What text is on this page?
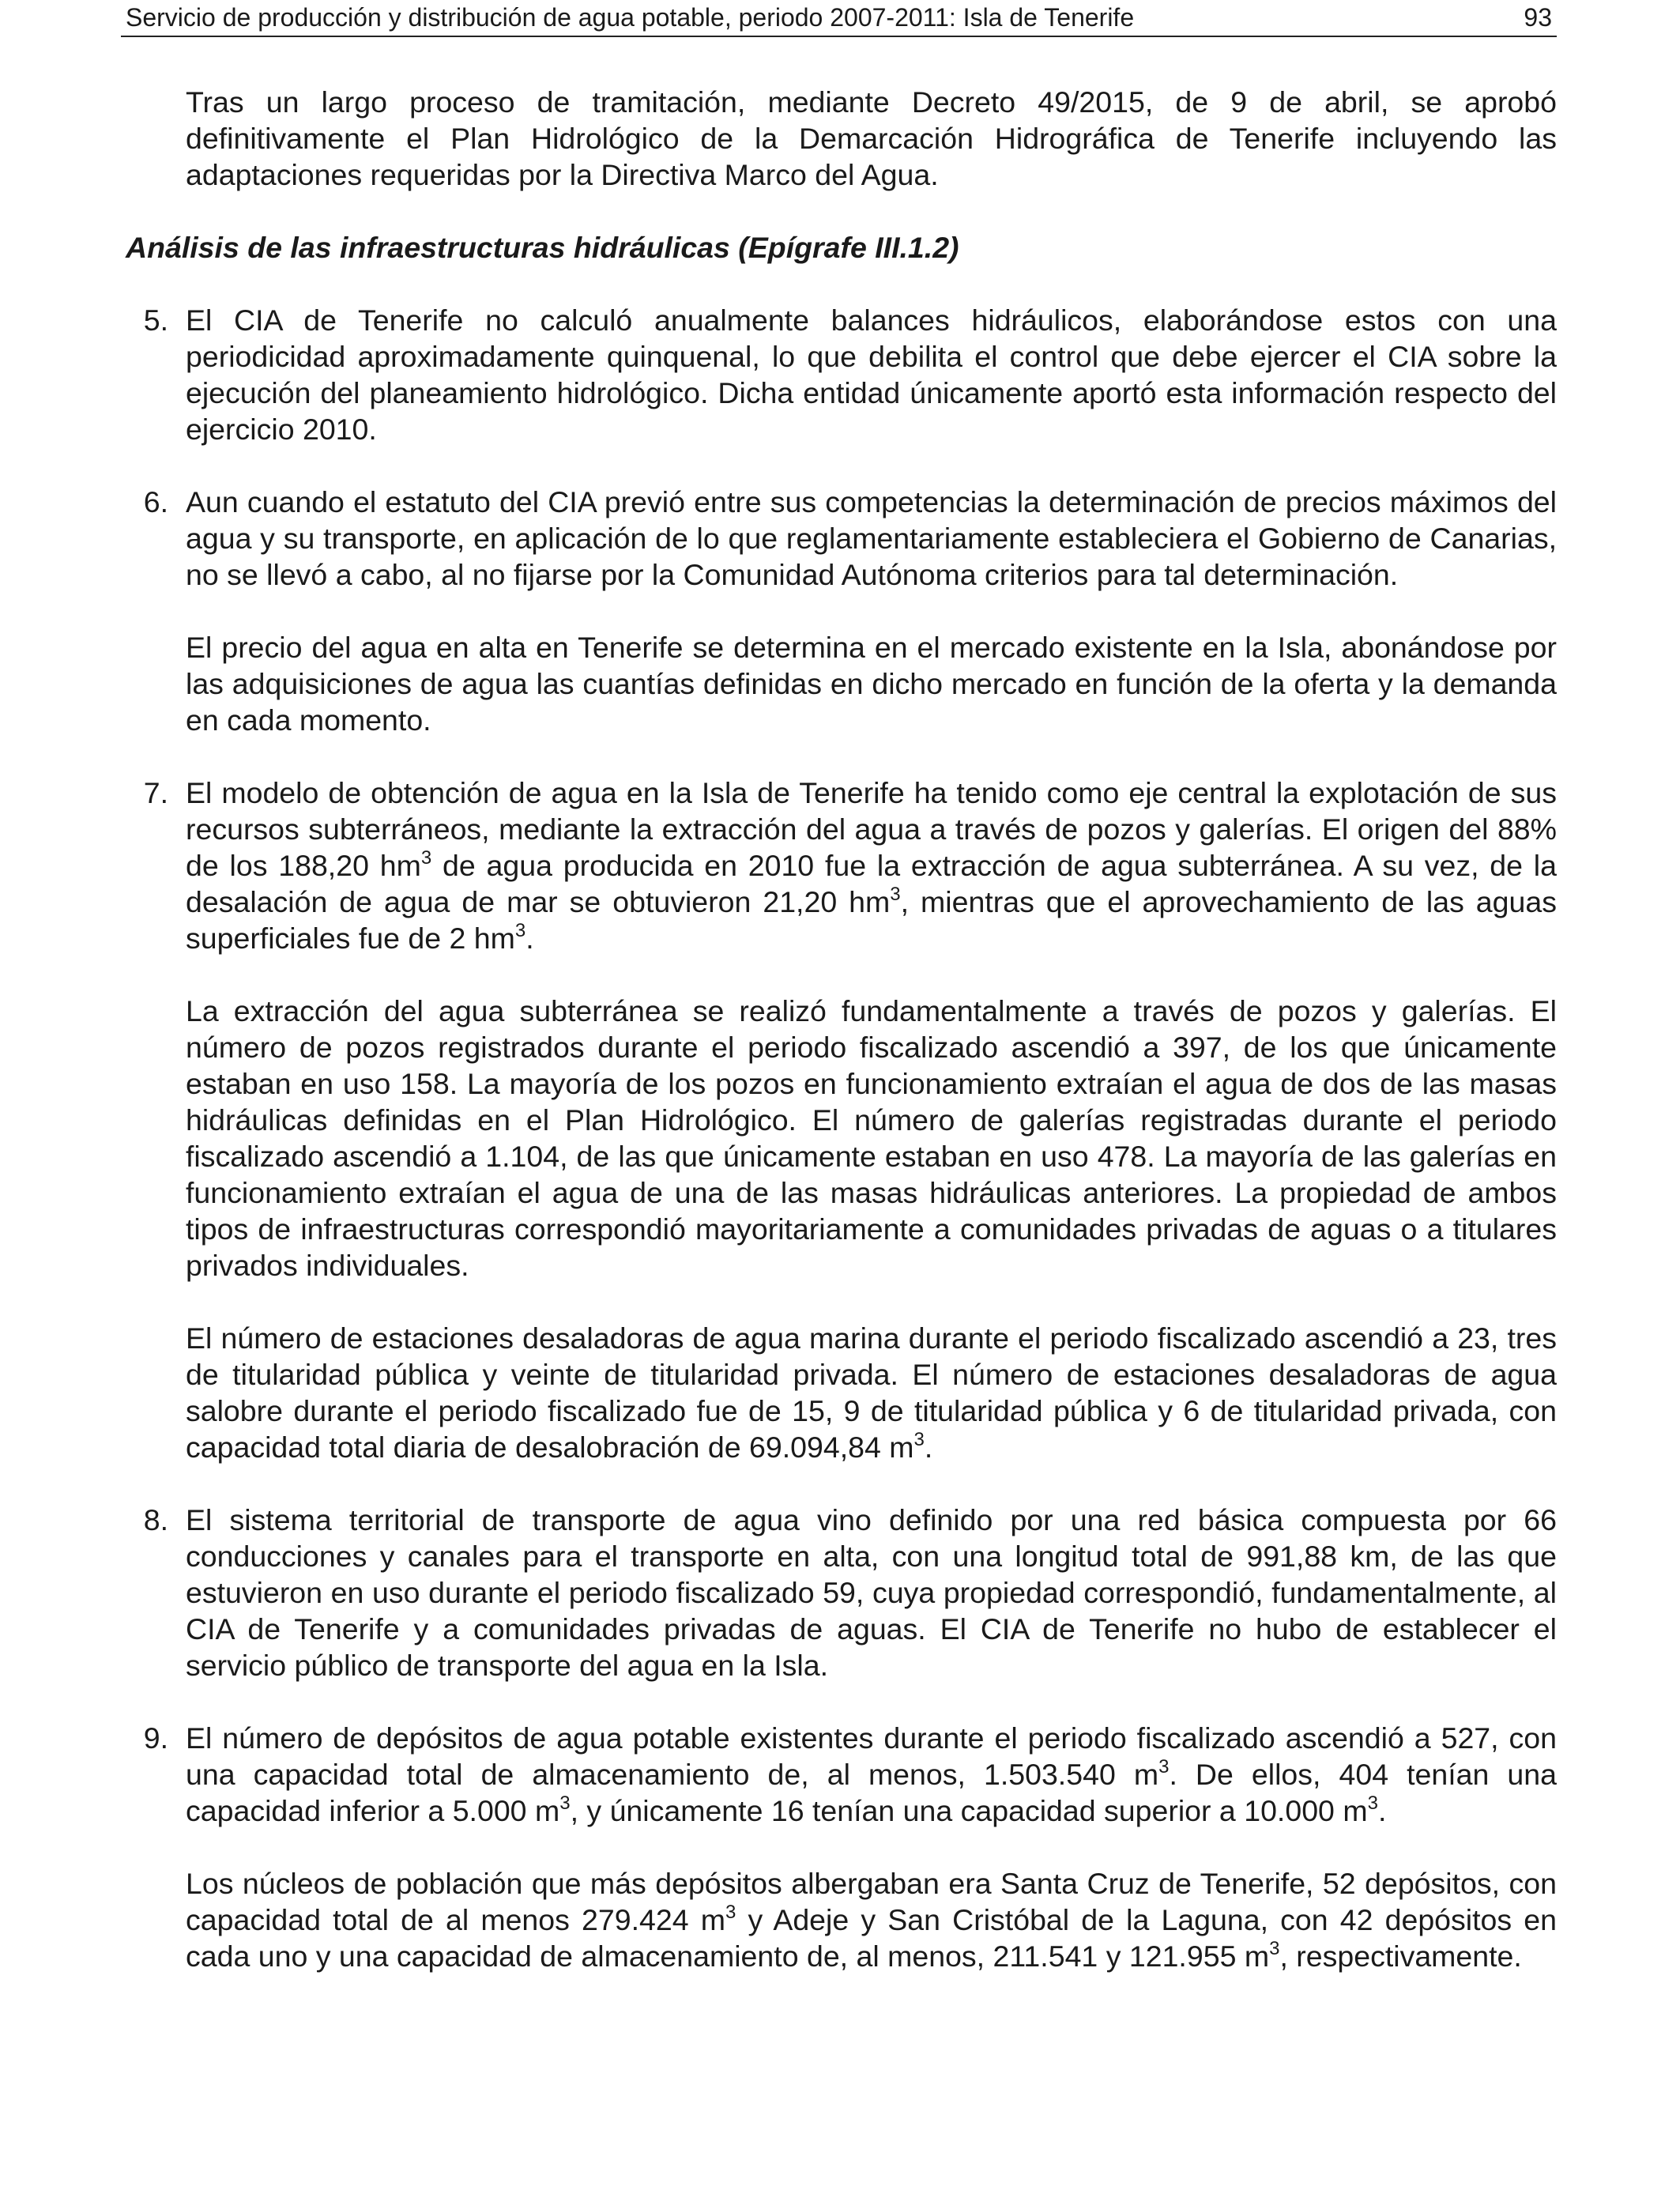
Servicio de producción y distribución de agua potable, periodo 2007-2011: Isla de Tenerife	93

Tras un largo proceso de tramitación, mediante Decreto 49/2015, de 9 de abril, se aprobó definitivamente el Plan Hidrológico de la Demarcación Hidrográfica de Tenerife incluyendo las adaptaciones requeridas por la Directiva Marco del Agua.

Análisis de las infraestructuras hidráulicas (Epígrafe III.1.2)

5. El CIA de Tenerife no calculó anualmente balances hidráulicos, elaborándose estos con una periodicidad aproximadamente quinquenal, lo que debilita el control que debe ejercer el CIA sobre la ejecución del planeamiento hidrológico. Dicha entidad únicamente aportó esta información respecto del ejercicio 2010.
6. Aun cuando el estatuto del CIA previó entre sus competencias la determinación de precios máximos del agua y su transporte, en aplicación de lo que reglamentariamente estableciera el Gobierno de Canarias, no se llevó a cabo, al no fijarse por la Comunidad Autónoma criterios para tal determinación.

El precio del agua en alta en Tenerife se determina en el mercado existente en la Isla, abonándose por las adquisiciones de agua las cuantías definidas en dicho mercado en función de la oferta y la demanda en cada momento.

7. El modelo de obtención de agua en la Isla de Tenerife ha tenido como eje central la explotación de sus recursos subterráneos, mediante la extracción del agua a través de pozos y galerías. El origen del 88% de los 188,20 $hm^3$ de agua producida en 2010 fue la extracción de agua subterránea. A su vez, de la desalación de agua de mar se obtuvieron 21,20 $hm^3$, mientras que el aprovechamiento de las aguas superficiales fue de 2 $hm^3$.

La extracción del agua subterránea se realizó fundamentalmente a través de pozos y galerías. El número de pozos registrados durante el periodo fiscalizado ascendió a 397, de los que únicamente estaban en uso 158. La mayoría de los pozos en funcionamiento extraían el agua de dos de las masas hidráulicas definidas en el Plan Hidrológico. El número de galerías registradas durante el periodo fiscalizado ascendió a 1.104, de las que únicamente estaban en uso 478. La mayoría de las galerías en funcionamiento extraían el agua de una de las masas hidráulicas anteriores. La propiedad de ambos tipos de infraestructuras correspondió mayoritariamente a comunidades privadas de aguas o a titulares privados individuales.

El número de estaciones desaladoras de agua marina durante el periodo fiscalizado ascendió a 23, tres de titularidad pública y veinte de titularidad privada. El número de estaciones desaladoras de agua salobre durante el periodo fiscalizado fue de 15, 9 de titularidad pública y 6 de titularidad privada, con capacidad total diaria de desalobración de 69.094,84 $m^3$.

8. El sistema territorial de transporte de agua vino definido por una red básica compuesta por 66 conducciones y canales para el transporte en alta, con una longitud total de 991,88 km, de las que estuvieron en uso durante el periodo fiscalizado 59, cuya propiedad correspondió, fundamentalmente, al CIA de Tenerife y a comunidades privadas de aguas. El CIA de Tenerife no hubo de establecer el servicio público de transporte del agua en la Isla.
9. El número de depósitos de agua potable existentes durante el periodo fiscalizado ascendió a 527, con una capacidad total de almacenamiento de, al menos, 1.503.540 $m^3$. De ellos, 404 tenían una capacidad inferior a 5.000 $m^3$, y únicamente 16 tenían una capacidad superior a 10.000 $m^3$.

Los núcleos de población que más depósitos albergaban era Santa Cruz de Tenerife, 52 depósitos, con capacidad total de al menos 279.424 $m^3$ y Adeje y San Cristóbal de la Laguna, con 42 depósitos en cada uno y una capacidad de almacenamiento de, al menos, 211.541 y 121.955 $m^3$, respectivamente.
